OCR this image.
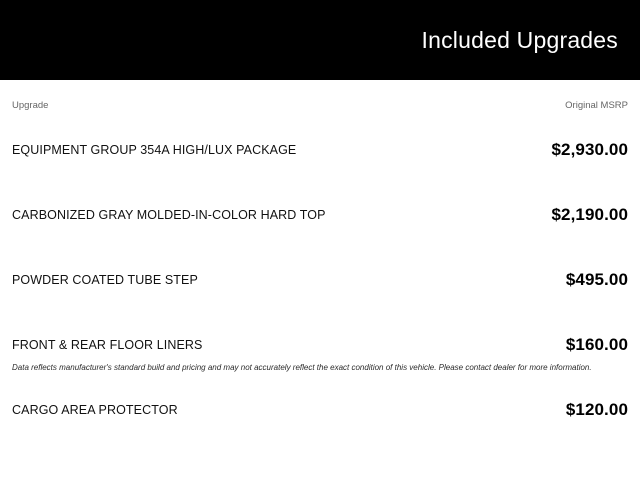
Included Upgrades
Upgrade	Original MSRP
EQUIPMENT GROUP 354A HIGH/LUX PACKAGE	$2,930.00
CARBONIZED GRAY MOLDED-IN-COLOR HARD TOP	$2,190.00
POWDER COATED TUBE STEP	$495.00
FRONT & REAR FLOOR LINERS	$160.00
CARGO AREA PROTECTOR	$120.00
Data reflects manufacturer's standard build and pricing and may not accurately reflect the exact condition of this vehicle. Please contact dealer for more information.
